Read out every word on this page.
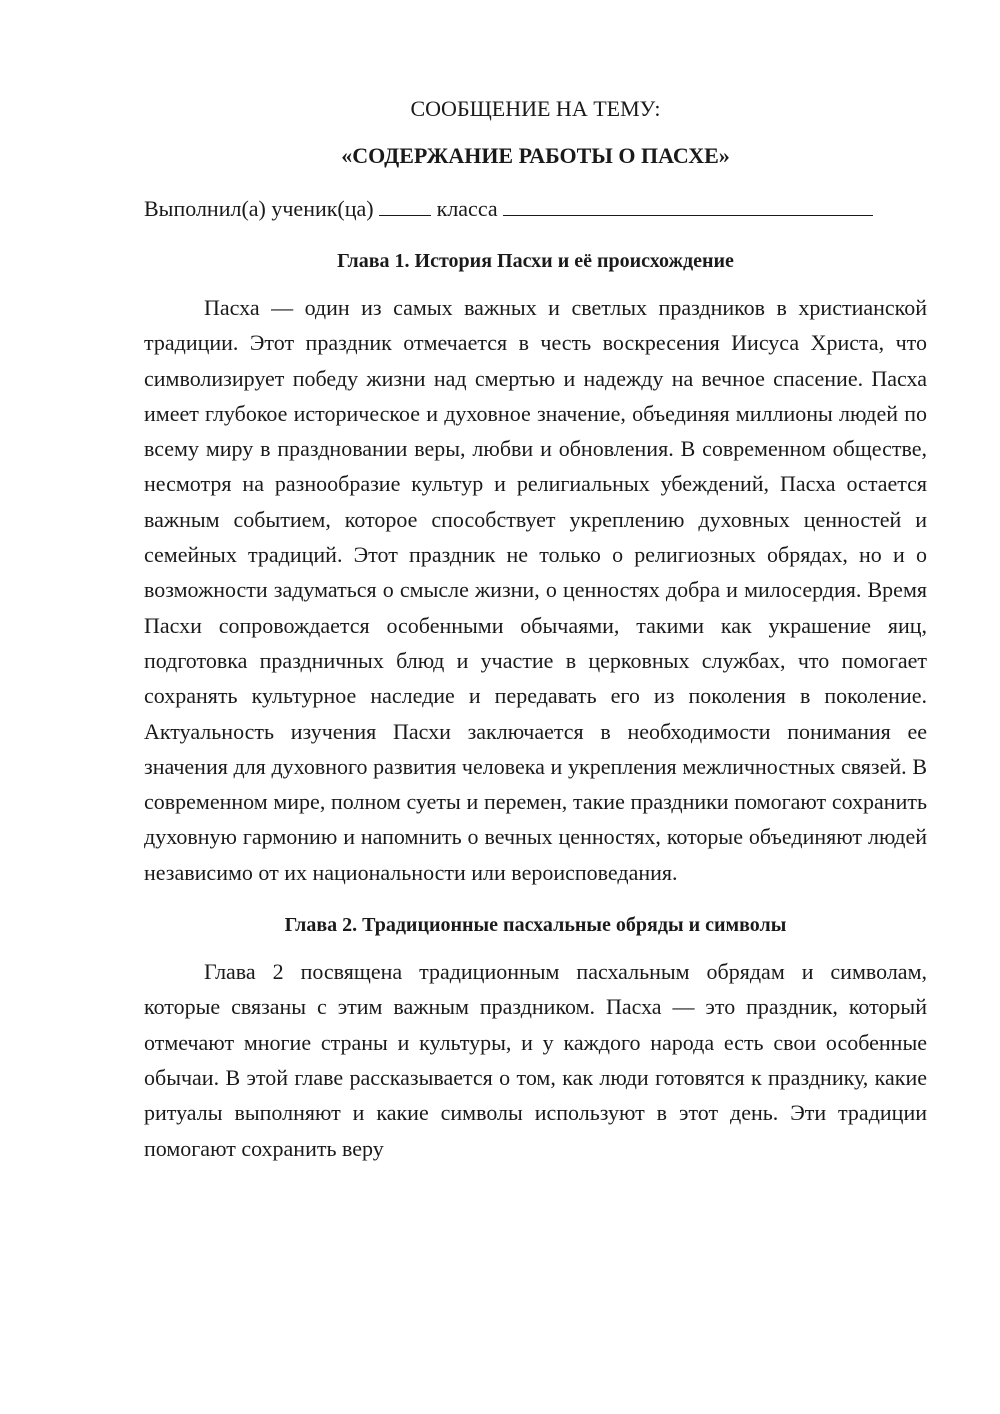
СООБЩЕНИЕ НА ТЕМУ:

«СОДЕРЖАНИЕ РАБОТЫ О ПАСХЕ»

Выполнил(а) ученик(ца)	класса

Глава 1. История Пасхи и её происхождение

Пасха — один из самых важных и светлых праздников в христианской традиции. Этот праздник отмечается в честь воскресения Иисуса Христа, что символизирует победу жизни над смертью и надежду на вечное спасение. Пасха имеет глубокое историческое и духовное значение, объединяя миллионы людей по всему миру в праздновании веры, любви и обновления. В современном обществе, несмотря на разнообразие культур и религиальных убеждений, Пасха остается важным событием, которое способствует укреплению духовных ценностей и семейных традиций. Этот праздник не только о религиозных обрядах, но и о возможности задуматься о смысле жизни, о ценностях добра и милосердия. Время Пасхи сопровождается особенными обычаями, такими как украшение яиц, подготовка праздничных блюд и участие в церковных службах, что помогает сохранять культурное наследие и передавать его из поколения в поколение. Актуальность изучения Пасхи заключается в необходимости понимания ее значения для духовного развития человека и укрепления межличностных связей. В современном мире, полном суеты и перемен, такие праздники помогают сохранить духовную гармонию и напомнить о вечных ценностях, которые объединяют людей независимо от их национальности или вероисповедания.

Глава 2. Традиционные пасхальные обряды и символы

Глава 2 посвящена традиционным пасхальным обрядам и символам, которые связаны с этим важным праздником. Пасха — это праздник, который отмечают многие страны и культуры, и у каждого народа есть свои особенные обычаи. В этой главе рассказывается о том, как люди готовятся к празднику, какие ритуалы выполняют и какие символы используют в этот день. Эти традиции помогают сохранить веру
